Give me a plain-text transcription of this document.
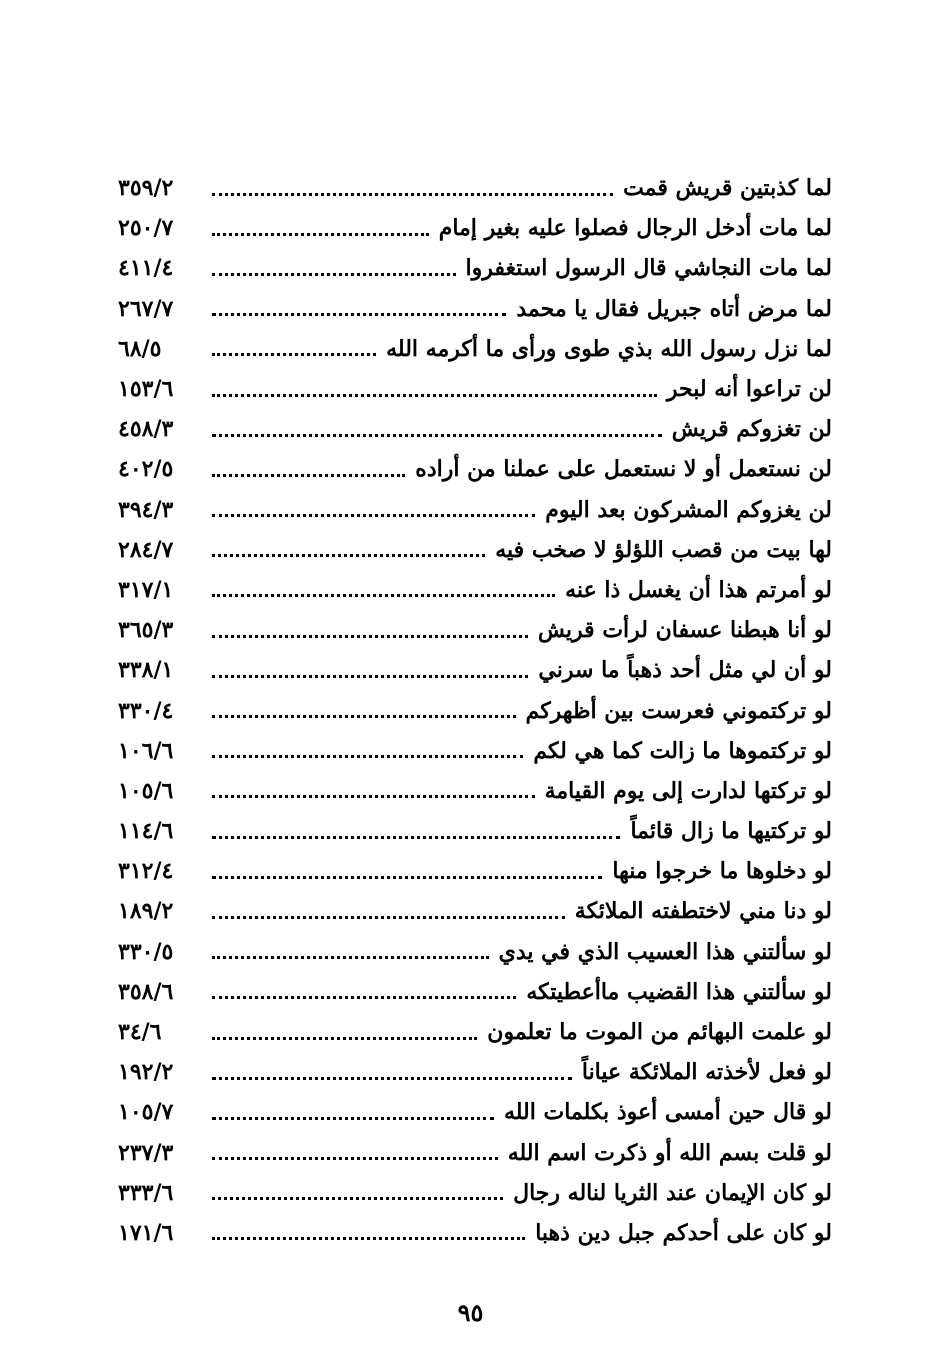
لما كذبتين قريش قمت
٣٥٩/٢
لما مات أدخل الرجال فصلوا عليه بغير إمام
٢٥٠/٧
لما مات النجاشي قال الرسول استغفروا
٤١١/٤
لما مرض أتاه جبريل فقال يا محمد
٢٦٧/٧
لما نزل رسول الله بذي طوى ورأى ما أكرمه الله
٦٨/٥
لن تراعوا أنه لبحر
١٥٣/٦
لن تغزوكم قريش
٤٥٨/٣
لن نستعمل أو لا نستعمل على عملنا من أراده
٤٠٢/٥
لن يغزوكم المشركون بعد اليوم
٣٩٤/٣
لها بيت من قصب اللؤلؤ لا صخب فيه
٢٨٤/٧
لو أمرتم هذا أن يغسل ذا عنه
٣١٧/١
لو أنا هبطنا عسفان لرأت قريش
٣٦٥/٣
لو أن لي مثل أحد ذهباً ما سرني
٣٣٨/١
لو تركتموني فعرست بين أظهركم
٣٣٠/٤
لو تركتموها ما زالت كما هي لكم
١٠٦/٦
لو تركتها لدارت إلى يوم القيامة
١٠٥/٦
لو تركتيها ما زال قائماً
١١٤/٦
لو دخلوها ما خرجوا منها
٣١٢/٤
لو دنا مني لاختطفته الملائكة
١٨٩/٢
لو سألتني هذا العسيب الذي في يدي
٣٣٠/٥
لو سألتني هذا القضيب ماأعطيتكه
٣٥٨/٦
لو علمت البهائم من الموت ما تعلمون
٣٤/٦
لو فعل لأخذته الملائكة عياناً
١٩٢/٢
لو قال حين أمسى أعوذ بكلمات الله
١٠٥/٧
لو قلت بسم الله أو ذكرت اسم الله
٢٣٧/٣
لو كان الإيمان عند الثريا لناله رجال
٣٣٣/٦
لو كان على أحدكم جبل دين ذهبا
١٧١/٦
٩٥
